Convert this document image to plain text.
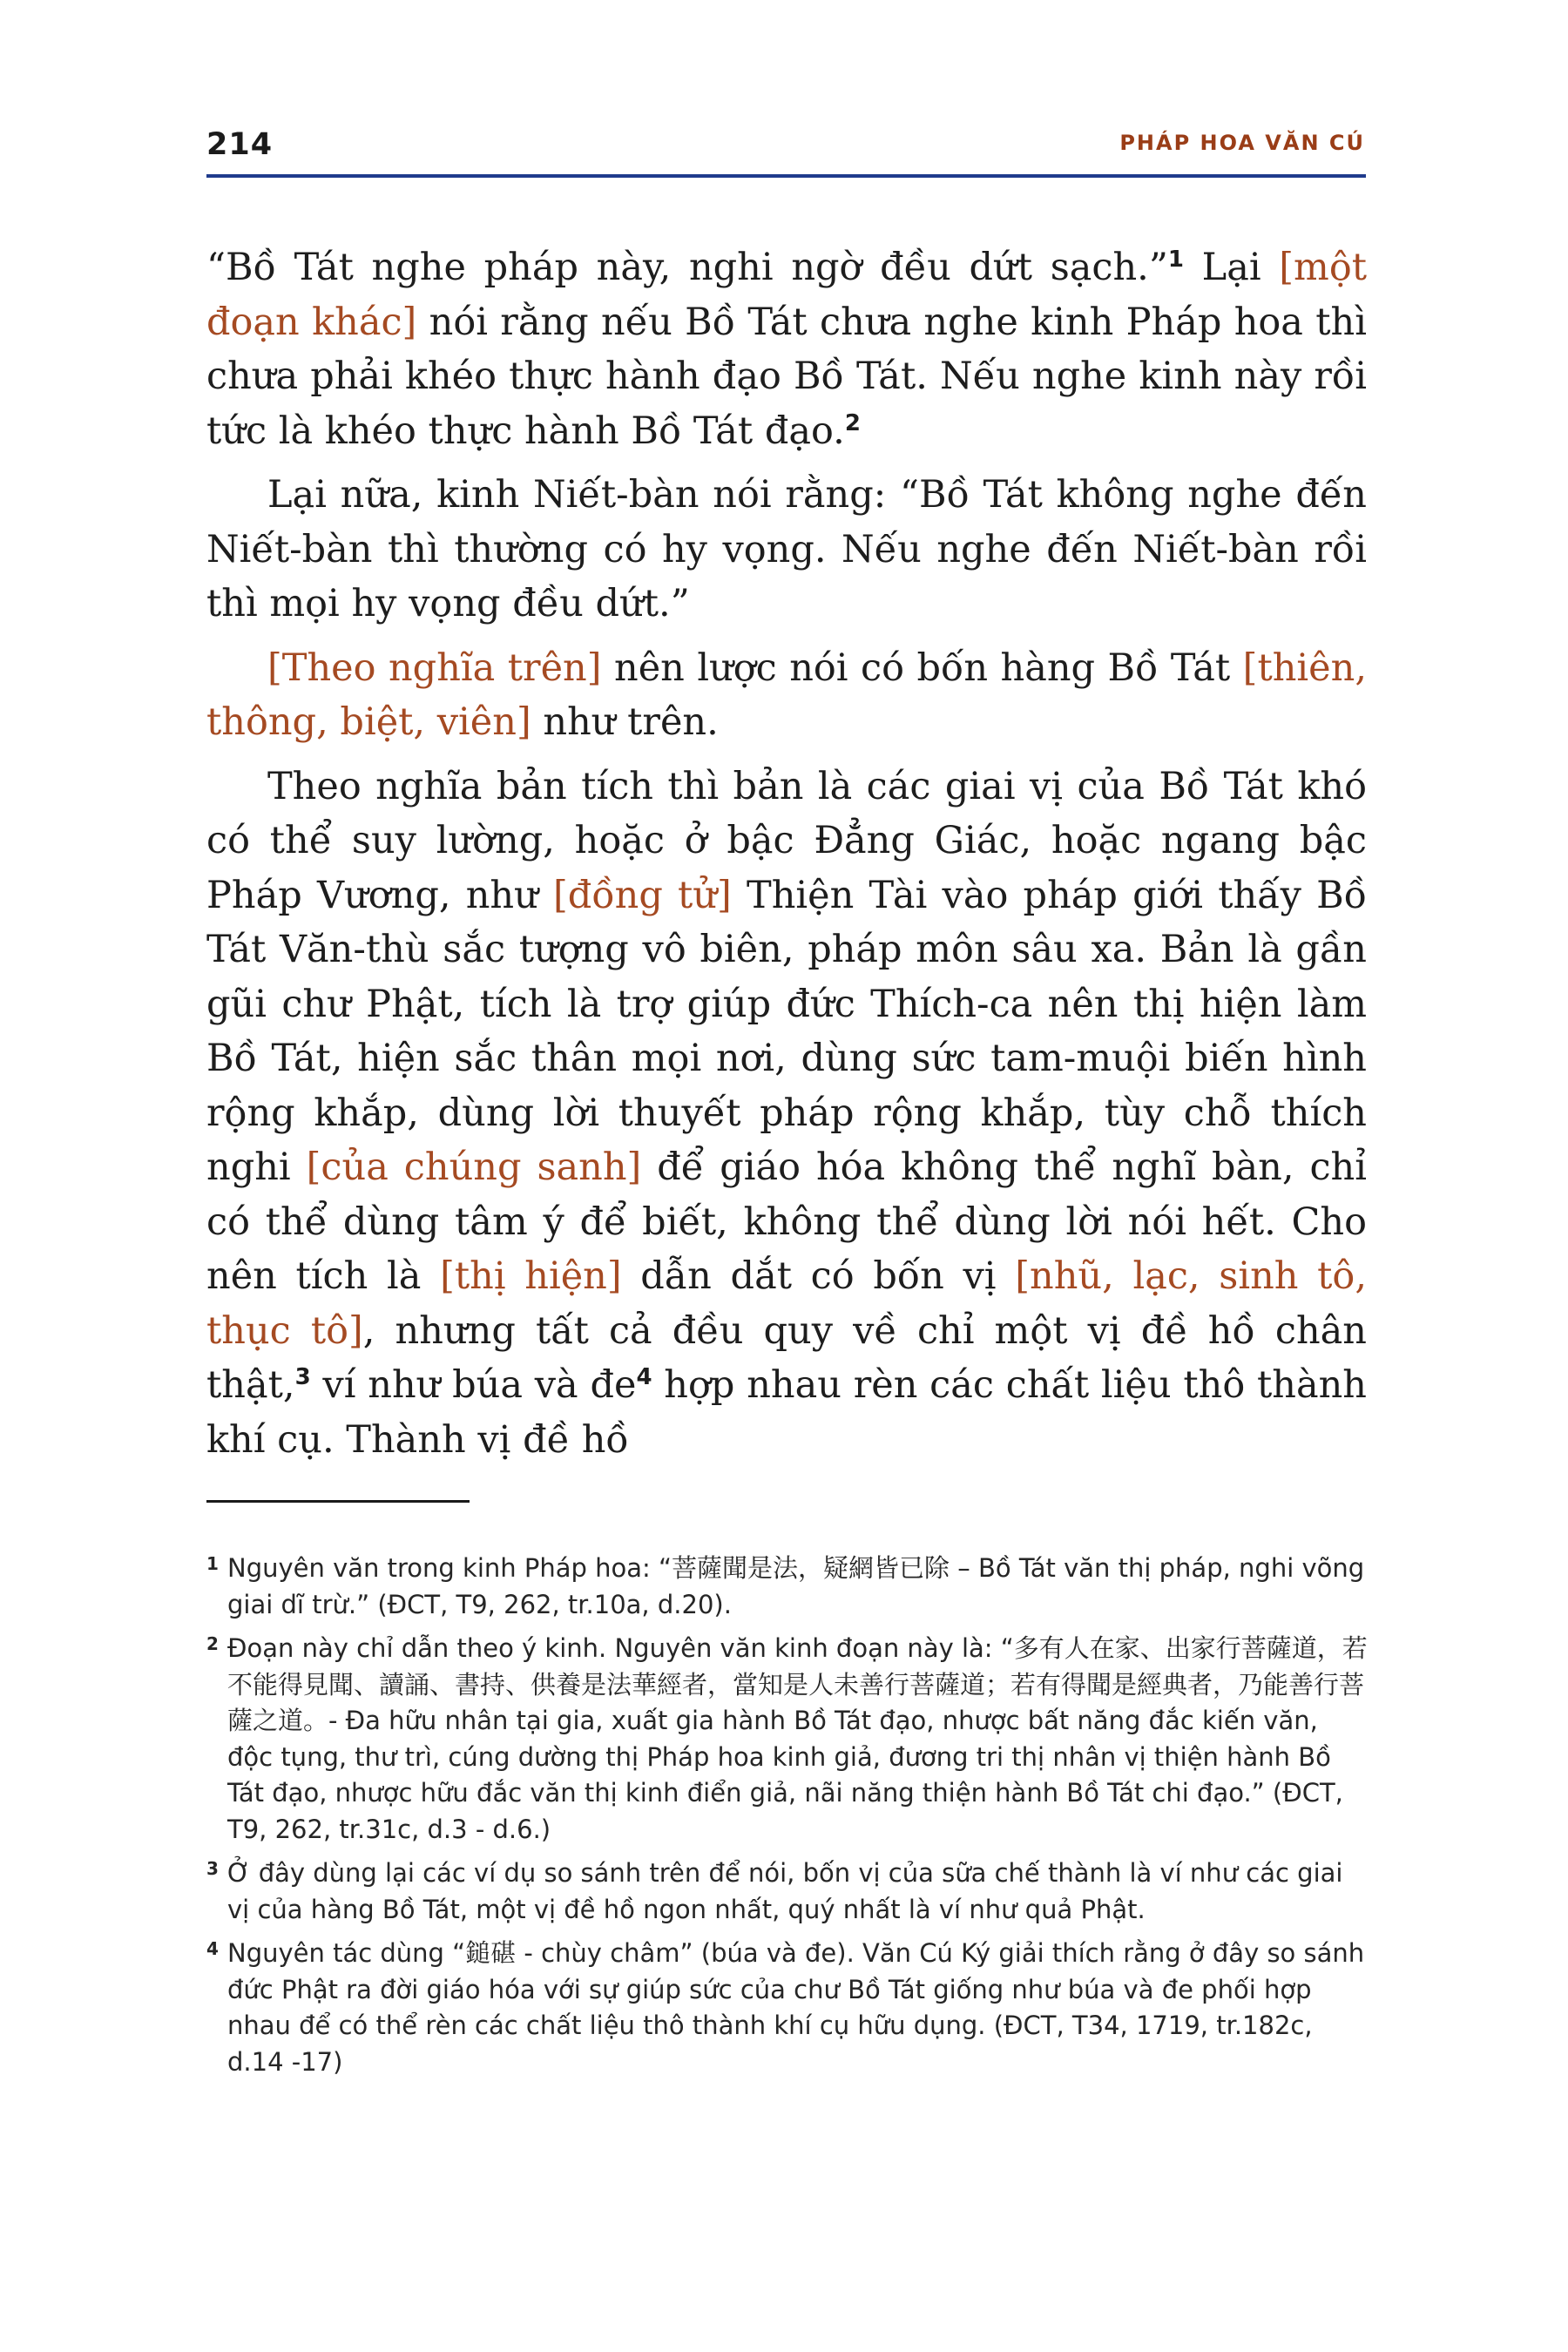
214	PHÁP HOA VĂN CÚ

“Bồ Tát nghe pháp này, nghi ngờ đều dứt sạch.”$^1$ Lại [một đoạn khác] nói rằng nếu Bồ Tát chưa nghe kinh Pháp hoa thì chưa phải khéo thực hành đạo Bồ Tát. Nếu nghe kinh này rồi tức là khéo thực hành Bồ Tát đạo.$^2$

Lại nữa, kinh Niết-bàn nói rằng: “Bồ Tát không nghe đến Niết-bàn thì thường có hy vọng. Nếu nghe đến Niết-bàn rồi thì mọi hy vọng đều dứt.”

[Theo nghĩa trên] nên lược nói có bốn hàng Bồ Tát [thiên, thông, biệt, viên] như trên.

Theo nghĩa bản tích thì bản là các giai vị của Bồ Tát khó có thể suy lường, hoặc ở bậc Đẳng Giác, hoặc ngang bậc Pháp Vương, như [đồng tử] Thiện Tài vào pháp giới thấy Bồ Tát Văn-thù sắc tượng vô biên, pháp môn sâu xa. Bản là gần gũi chư Phật, tích là trợ giúp đức Thích-ca nên thị hiện làm Bồ Tát, hiện sắc thân mọi nơi, dùng sức tam-muội biến hình rộng khắp, dùng lời thuyết pháp rộng khắp, tùy chỗ thích nghi [của chúng sanh] để giáo hóa không thể nghĩ bàn, chỉ có thể dùng tâm ý để biết, không thể dùng lời nói hết. Cho nên tích là [thị hiện] dẫn dắt có bốn vị [nhũ, lạc, sinh tô, thục tô], nhưng tất cả đều quy về chỉ một vị đề hồ chân thật,$^3$ ví như búa và đe$^4$ hợp nhau rèn các chất liệu thô thành khí cụ. Thành vị đề hồ

1 Nguyên văn trong kinh Pháp hoa: “菩薩聞是法，疑網皆已除 – Bồ Tát văn thị pháp, nghi võng giai dĩ trừ.” (ĐCT, T9, 262, tr.10a, d.20).
2 Đoạn này chỉ dẫn theo ý kinh. Nguyên văn kinh đoạn này là: “多有人在家、出家行菩薩道，若不能得見聞、讀誦、書持、供養是法華經者，當知是人未善行菩薩道；若有得聞是經典者，乃能善行菩薩之道。- Đa hữu nhân tại gia, xuất gia hành Bồ Tát đạo, nhược bất năng đắc kiến văn, độc tụng, thư trì, cúng dường thị Pháp hoa kinh giả, đương tri thị nhân vị thiện hành Bồ Tát đạo, nhược hữu đắc văn thị kinh điển giả, nãi năng thiện hành Bồ Tát chi đạo.” (ĐCT, T9, 262, tr.31c, d.3 - d.6.)
3 Ở đây dùng lại các ví dụ so sánh trên để nói, bốn vị của sữa chế thành là ví như các giai vị của hàng Bồ Tát, một vị đề hồ ngon nhất, quý nhất là ví như quả Phật.
4 Nguyên tác dùng “鎚碪 - chùy châm” (búa và đe). Văn Cú Ký giải thích rằng ở đây so sánh đức Phật ra đời giáo hóa với sự giúp sức của chư Bồ Tát giống như búa và đe phối hợp nhau để có thể rèn các chất liệu thô thành khí cụ hữu dụng. (ĐCT, T34, 1719, tr.182c, d.14 -17)
